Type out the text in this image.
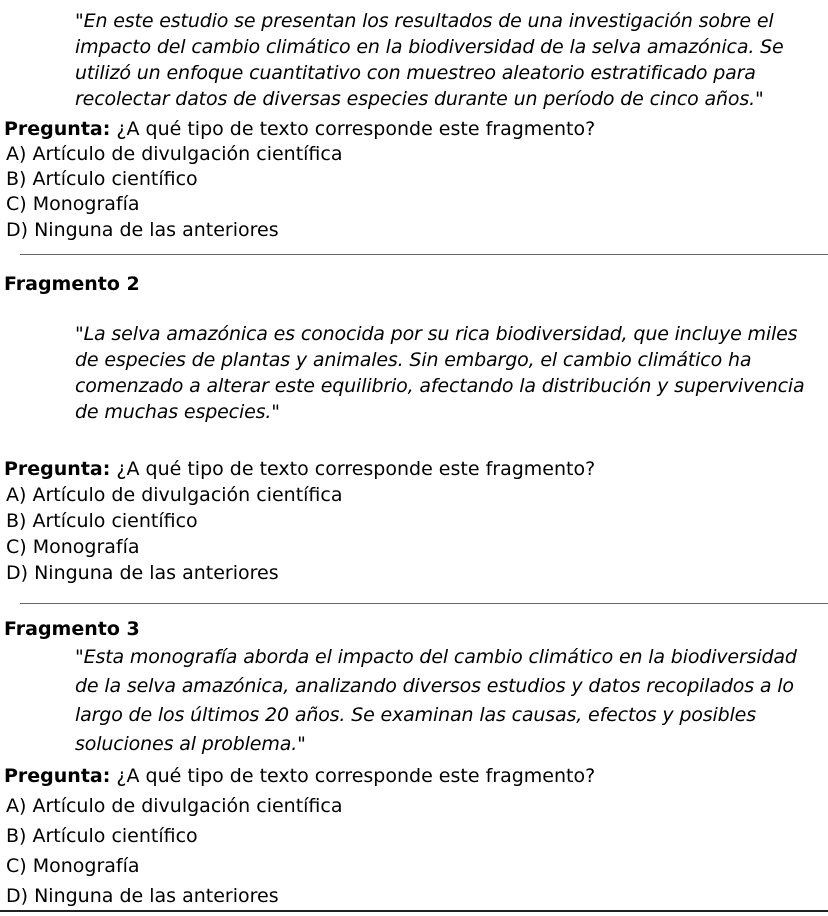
"En este estudio se presentan los resultados de una investigación sobre el impacto del cambio climático en la biodiversidad de la selva amazónica. Se utilizó un enfoque cuantitativo con muestreo aleatorio estratificado para recolectar datos de diversas especies durante un período de cinco años."
Pregunta: ¿A qué tipo de texto corresponde este fragmento?
A) Artículo de divulgación científica
B) Artículo científico
C) Monografía
D) Ninguna de las anteriores
Fragmento 2
"La selva amazónica es conocida por su rica biodiversidad, que incluye miles de especies de plantas y animales. Sin embargo, el cambio climático ha comenzado a alterar este equilibrio, afectando la distribución y supervivencia de muchas especies."
Pregunta: ¿A qué tipo de texto corresponde este fragmento?
A) Artículo de divulgación científica
B) Artículo científico
C) Monografía
D) Ninguna de las anteriores
Fragmento 3
"Esta monografía aborda el impacto del cambio climático en la biodiversidad de la selva amazónica, analizando diversos estudios y datos recopilados a lo largo de los últimos 20 años. Se examinan las causas, efectos y posibles soluciones al problema."
Pregunta: ¿A qué tipo de texto corresponde este fragmento?
A) Artículo de divulgación científica
B) Artículo científico
C) Monografía
D) Ninguna de las anteriores
